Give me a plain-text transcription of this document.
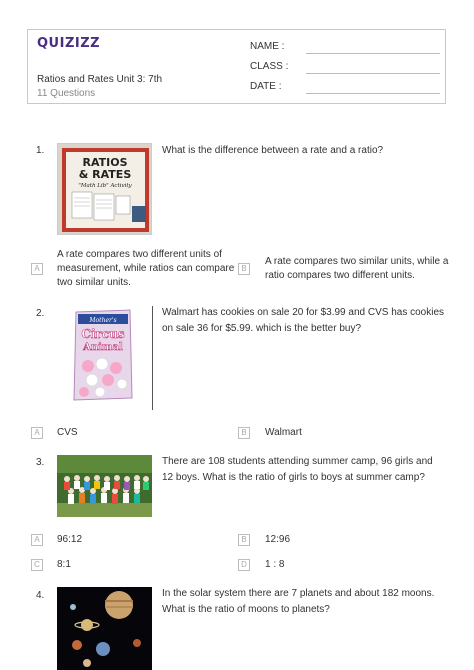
QUIZIZZ
Ratios and Rates Unit 3: 7th
11 Questions
NAME :
CLASS :
DATE :
1.
RATIOS
& RATES
"Math Lib" Activity
What is the difference between a rate and a ratio?
A
A rate compares two different units of measurement, while ratios can compare two similar units.
B
A rate compares two similar units, while a ratio compares two different units.
2.
Mother's
Circus
Animal
Walmart has cookies on sale 20 for $3.99 and CVS has cookies on sale 36 for $5.99. which is the better buy?
A	CVS	B	Walmart
3.	There are 108 students attending summer camp, 96 girls and 12 boys. What is the ratio of girls to boys at summer camp?
A	96:12	B	12:96
C	8:1	D	1 : 8
4.	In the solar system there are 7 planets and about 182 moons. What is the ratio of moons to planets?
